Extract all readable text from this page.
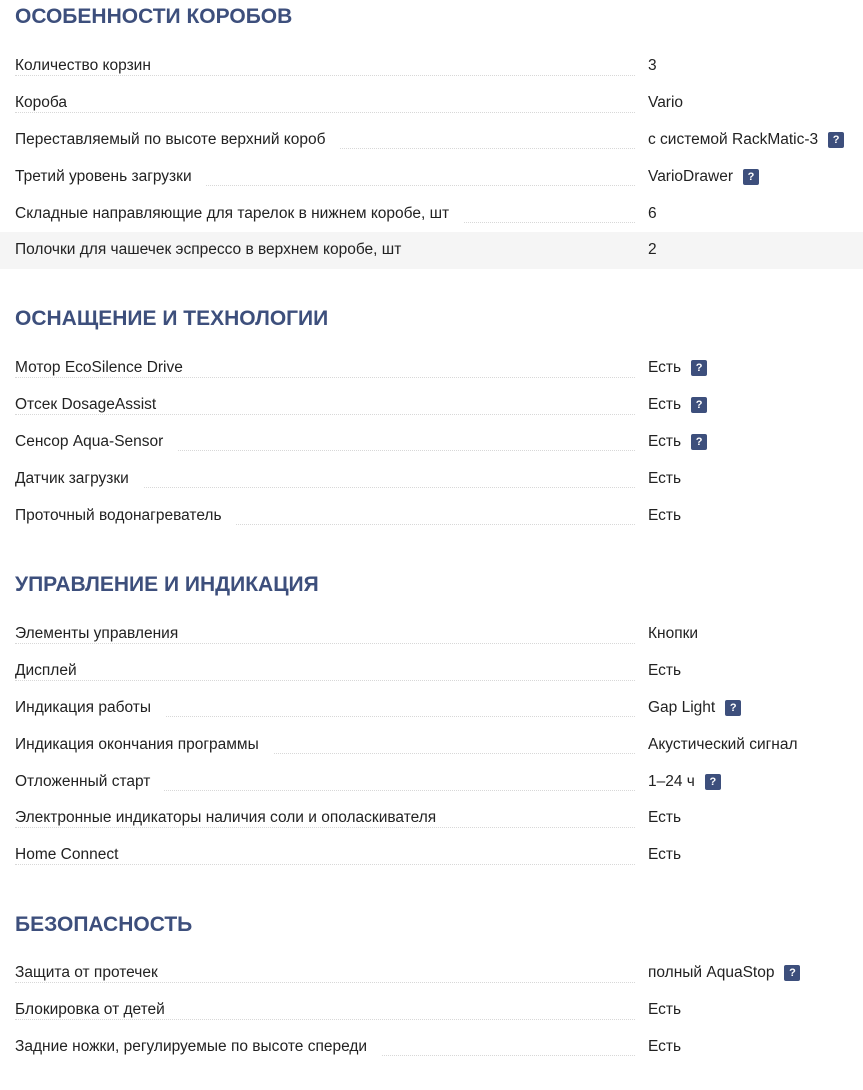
ОСОБЕННОСТИ КОРОБОВ
Количество корзин	3
Короба	Vario
Переставляемый по высоте верхний короб	с системой RackMatic-3	?
Третий уровень загрузки	VarioDrawer	?
Складные направляющие для тарелок в нижнем коробе, шт	6
Полочки для чашечек эспрессо в верхнем коробе, шт	2
ОСНАЩЕНИЕ И ТЕХНОЛОГИИ
Мотор EcoSilence Drive	Есть	?
Отсек DosageAssist	Есть	?
Сенсор Aqua-Sensor	Есть	?
Датчик загрузки	Есть
Проточный водонагреватель	Есть
УПРАВЛЕНИЕ И ИНДИКАЦИЯ
Элементы управления	Кнопки
Дисплей	Есть
Индикация работы	Gap Light	?
Индикация окончания программы	Акустический сигнал
Отложенный старт	1–24 ч	?
Электронные индикаторы наличия соли и ополаскивателя	Есть
Home Connect	Есть
БЕЗОПАСНОСТЬ
Защита от протечек	полный AquaStop	?
Блокировка от детей	Есть
Задние ножки, регулируемые по высоте спереди	Есть
